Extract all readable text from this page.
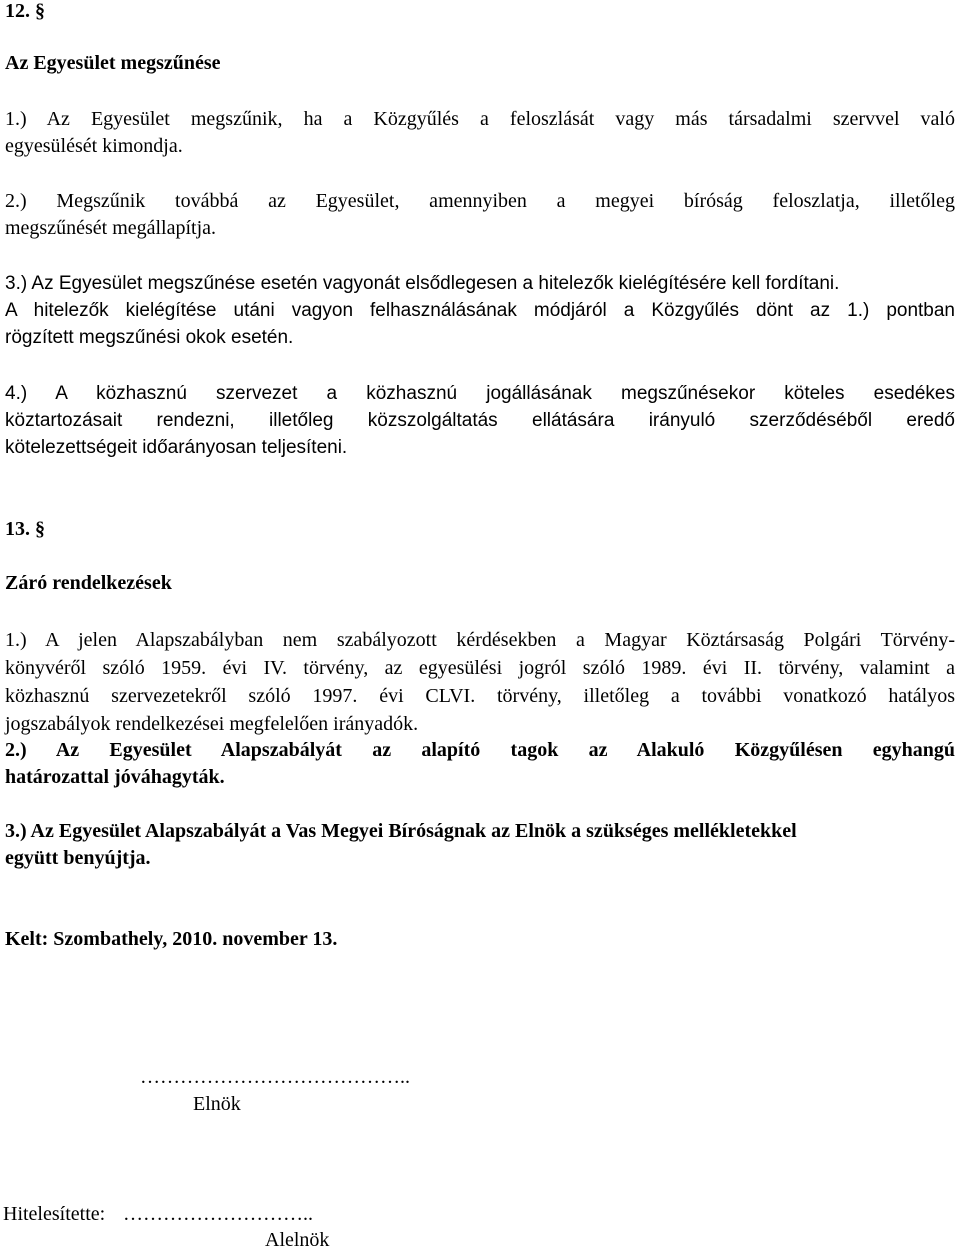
12. §

Az Egyesület megszűnése

1.) Az Egyesület megszűnik, ha a Közgyűlés a feloszlását vagy más társadalmi szervvel való
egyesülését kimondja.
2.) Megszűnik továbbá az Egyesület, amennyiben a megyei bíróság feloszlatja, illetőleg
megszűnését megállapítja.
3.) Az Egyesület megszűnése esetén vagyonát elsődlegesen a hitelezők kielégítésére kell fordítani.
A hitelezők kielégítése utáni vagyon felhasználásának módjáról a Közgyűlés dönt az 1.) pontban
rögzített megszűnési okok esetén.
4.) A közhasznú szervezet a közhasznú jogállásának megszűnésekor köteles esedékes
köztartozásait rendezni, illetőleg közszolgáltatás ellátására irányuló szerződéséből eredő
kötelezettségeit időarányosan teljesíteni.

13. §

Záró rendelkezések

1.) A jelen Alapszabályban nem szabályozott kérdésekben a Magyar Köztársaság Polgári Törvény-
könyvéről szóló 1959. évi IV. törvény, az egyesülési jogról szóló 1989. évi II. törvény, valamint a
közhasznú szervezetekről szóló 1997. évi CLVI. törvény, illetőleg a további vonatkozó hatályos
jogszabályok rendelkezései megfelelően irányadók.
2.) Az Egyesület Alapszabályát az alapító tagok az Alakuló Közgyűlésen egyhangú
határozattal jóváhagyták.
3.) Az Egyesület Alapszabályát a Vas Megyei Bíróságnak az Elnök a szükséges mellékletekkel
együtt benyújtja.

Kelt: Szombathely, 2010. november 13.

…………………………………..

Elnök

Hitelesítette: ………………………..

Alelnök
